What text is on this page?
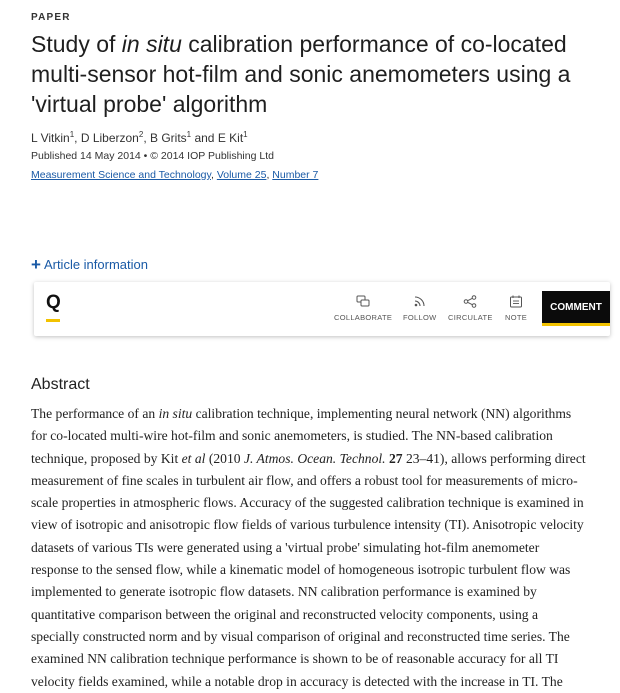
PAPER
Study of in situ calibration performance of co-located multi-sensor hot-film and sonic anemometers using a 'virtual probe' algorithm
L Vitkin$^1$, D Liberzon$^2$, B Grits$^1$ and E Kit$^1$
Published 14 May 2014 • © 2014 IOP Publishing Ltd
Measurement Science and Technology, Volume 25, Number 7
+ Article information
Q
COLLABORATE FOLLOW CIRCULATE NOTE
COMMENT
Abstract
The performance of an in situ calibration technique, implementing neural network (NN) algorithms
for co-located multi-wire hot-film and sonic anemometers, is studied. The NN-based calibration
technique, proposed by Kit et al (2010 J. Atmos. Ocean. Technol. 27 23–41), allows performing direct
measurement of fine scales in turbulent air flow, and offers a robust tool for measurements of micro-
scale properties in atmospheric flows. Accuracy of the suggested calibration technique is examined in
view of isotropic and anisotropic flow fields of various turbulence intensity (TI). Anisotropic velocity
datasets of various TIs were generated using a 'virtual probe' simulating hot-film anemometer
response to the sensed flow, while a kinematic model of homogeneous isotropic turbulent flow was
implemented to generate isotropic flow datasets. NN calibration performance is examined by
quantitative comparison between the original and reconstructed velocity components, using a
specially constructed norm and by visual comparison of original and reconstructed time series. The
examined NN calibration technique performance is shown to be of reasonable accuracy for all TI
velocity fields examined, while a notable drop in accuracy is detected with the increase in TI. The
